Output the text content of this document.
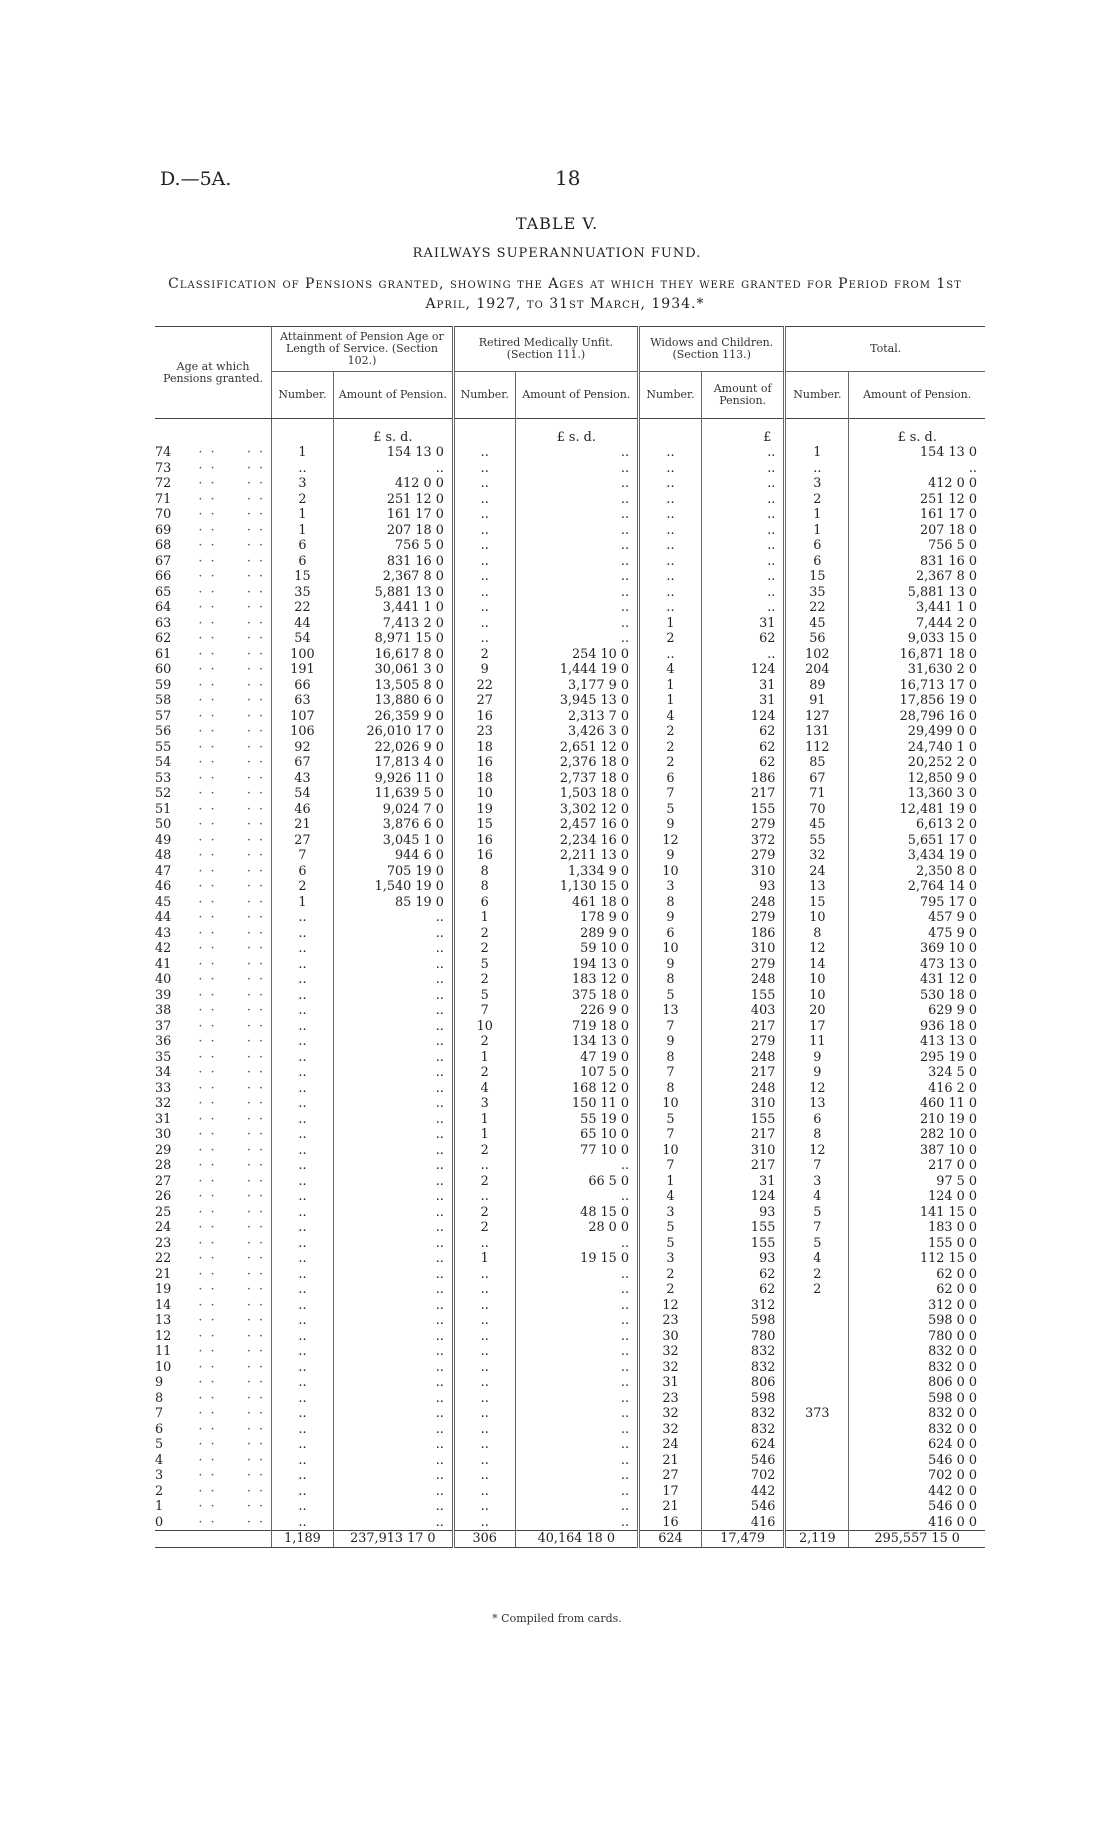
D.—5A.	18
TABLE V.
RAILWAYS SUPERANNUATION FUND.
Classification of Pensions granted, showing the Ages at which they were granted for Period from 1st April, 1927, to 31st March, 1934.*
Age at which Pensions granted.		Attainment of Pension Age or Length of Service. (Section 102.)		Retired Medically Unfit. (Section 111.)		Widows and Children. (Section 113.)		Total.	
		Number.	Amount of Pension.	Number.	Amount of Pension.	Number.	Amount of Pension.	Number.	Amount of Pension.
			£ s. d.		£ s. d.		£		£ s. d.
74	· ·     · ·	1	154 13 0	..	..	..	..	1	154 13 0
73	· ·     · ·	..	..	..	..	..	..	..	..
72	· ·     · ·	3	412 0 0	..	..	..	..	3	412 0 0
71	· ·     · ·	2	251 12 0	..	..	..	..	2	251 12 0
70	· ·     · ·	1	161 17 0	..	..	..	..	1	161 17 0
69	· ·     · ·	1	207 18 0	..	..	..	..	1	207 18 0
68	· ·     · ·	6	756 5 0	..	..	..	..	6	756 5 0
67	· ·     · ·	6	831 16 0	..	..	..	..	6	831 16 0
66	· ·     · ·	15	2,367 8 0	..	..	..	..	15	2,367 8 0
65	· ·     · ·	35	5,881 13 0	..	..	..	..	35	5,881 13 0
64	· ·     · ·	22	3,441 1 0	..	..	..	..	22	3,441 1 0
63	· ·     · ·	44	7,413 2 0	..	..	1	31	45	7,444 2 0
62	· ·     · ·	54	8,971 15 0	..	..	2	62	56	9,033 15 0
61	· ·     · ·	100	16,617 8 0	2	254 10 0	..	..	102	16,871 18 0
60	· ·     · ·	191	30,061 3 0	9	1,444 19 0	4	124	204	31,630 2 0
59	· ·     · ·	66	13,505 8 0	22	3,177 9 0	1	31	89	16,713 17 0
58	· ·     · ·	63	13,880 6 0	27	3,945 13 0	1	31	91	17,856 19 0
57	· ·     · ·	107	26,359 9 0	16	2,313 7 0	4	124	127	28,796 16 0
56	· ·     · ·	106	26,010 17 0	23	3,426 3 0	2	62	131	29,499 0 0
55	· ·     · ·	92	22,026 9 0	18	2,651 12 0	2	62	112	24,740 1 0
54	· ·     · ·	67	17,813 4 0	16	2,376 18 0	2	62	85	20,252 2 0
53	· ·     · ·	43	9,926 11 0	18	2,737 18 0	6	186	67	12,850 9 0
52	· ·     · ·	54	11,639 5 0	10	1,503 18 0	7	217	71	13,360 3 0
51	· ·     · ·	46	9,024 7 0	19	3,302 12 0	5	155	70	12,481 19 0
50	· ·     · ·	21	3,876 6 0	15	2,457 16 0	9	279	45	6,613 2 0
49	· ·     · ·	27	3,045 1 0	16	2,234 16 0	12	372	55	5,651 17 0
48	· ·     · ·	7	944 6 0	16	2,211 13 0	9	279	32	3,434 19 0
47	· ·     · ·	6	705 19 0	8	1,334 9 0	10	310	24	2,350 8 0
46	· ·     · ·	2	1,540 19 0	8	1,130 15 0	3	93	13	2,764 14 0
45	· ·     · ·	1	85 19 0	6	461 18 0	8	248	15	795 17 0
44	· ·     · ·	..	..	1	178 9 0	9	279	10	457 9 0
43	· ·     · ·	..	..	2	289 9 0	6	186	8	475 9 0
42	· ·     · ·	..	..	2	59 10 0	10	310	12	369 10 0
41	· ·     · ·	..	..	5	194 13 0	9	279	14	473 13 0
40	· ·     · ·	..	..	2	183 12 0	8	248	10	431 12 0
39	· ·     · ·	..	..	5	375 18 0	5	155	10	530 18 0
38	· ·     · ·	..	..	7	226 9 0	13	403	20	629 9 0
37	· ·     · ·	..	..	10	719 18 0	7	217	17	936 18 0
36	· ·     · ·	..	..	2	134 13 0	9	279	11	413 13 0
35	· ·     · ·	..	..	1	47 19 0	8	248	9	295 19 0
34	· ·     · ·	..	..	2	107 5 0	7	217	9	324 5 0
33	· ·     · ·	..	..	4	168 12 0	8	248	12	416 2 0
32	· ·     · ·	..	..	3	150 11 0	10	310	13	460 11 0
31	· ·     · ·	..	..	1	55 19 0	5	155	6	210 19 0
30	· ·     · ·	..	..	1	65 10 0	7	217	8	282 10 0
29	· ·     · ·	..	..	2	77 10 0	10	310	12	387 10 0
28	· ·     · ·	..	..	..	..	7	217	7	217 0 0
27	· ·     · ·	..	..	2	66 5 0	1	31	3	97 5 0
26	· ·     · ·	..	..	..	..	4	124	4	124 0 0
25	· ·     · ·	..	..	2	48 15 0	3	93	5	141 15 0
24	· ·     · ·	..	..	2	28 0 0	5	155	7	183 0 0
23	· ·     · ·	..	..	..	..	5	155	5	155 0 0
22	· ·     · ·	..	..	1	19 15 0	3	93	4	112 15 0
21	· ·     · ·	..	..	..	..	2	62	2	62 0 0
19	· ·     · ·	..	..	..	..	2	62	2	62 0 0
14	· ·     · ·	..	..	..	..	12	312		312 0 0
13	· ·     · ·	..	..	..	..	23	598		598 0 0
12	· ·     · ·	..	..	..	..	30	780		780 0 0
11	· ·     · ·	..	..	..	..	32	832		832 0 0
10	· ·     · ·	..	..	..	..	32	832		832 0 0
9	· ·     · ·	..	..	..	..	31	806		806 0 0
8	· ·     · ·	..	..	..	..	23	598		598 0 0
7	· ·     · ·	..	..	..	..	32	832	373	832 0 0
6	· ·     · ·	..	..	..	..	32	832		832 0 0
5	· ·     · ·	..	..	..	..	24	624		624 0 0
4	· ·     · ·	..	..	..	..	21	546		546 0 0
3	· ·     · ·	..	..	..	..	27	702		702 0 0
2	· ·     · ·	..	..	..	..	17	442		442 0 0
1	· ·     · ·	..	..	..	..	21	546		546 0 0
0	· ·     · ·	..	..	..	..	16	416		416 0 0
		1,189	237,913 17 0	306	40,164 18 0	624	17,479	2,119	295,557 15 0
* Compiled from cards.
